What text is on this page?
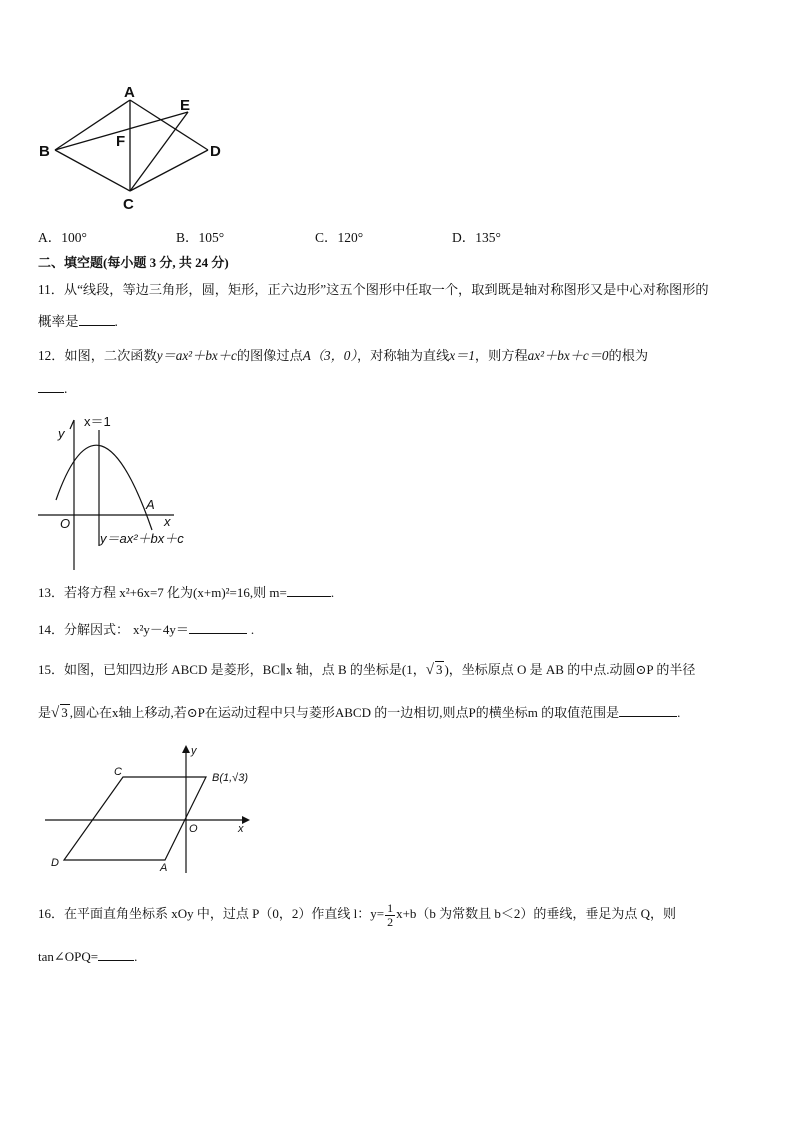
A
B
C
D
E
F
A．100°	B．105°	C．120°	D．135°
二、填空题(每小题 3 分, 共 24 分)
11．从“线段，等边三角形，圆，矩形，正六边形”这五个图形中任取一个，取到既是轴对称图形又是中心对称图形的
概率是	.
12．如图，二次函数y＝ax²＋bx＋c的图像过点A（3，0），对称轴为直线x＝1，则方程ax²＋bx＋c＝0的根为
.
x＝1
y
O
A
x
y＝ax²＋bx＋c
13．若将方程 x²+6x=7 化为(x+m)²=16,则 m=	.
14．分解因式： x²y－4y＝	.
15．如图，已知四边形 ABCD 是菱形，BC∥x 轴，点 B 的坐标是(1，√ 3 )，坐标原点 O 是 AB 的中点.动圆⊙P 的半径
是√ 3 ,圆心在x轴上移动,若⊙P在运动过程中只与菱形ABCD 的一边相切,则点P的横坐标m 的取值范围是	.
C	B(1,√3)
O	x
y
D	A
16．在平面直角坐标系 xOy 中，过点 P（0，2）作直线 l：$y= \frac{1}{2} x+b(b$ 为常数且 b＜2）的垂线，垂足为点 Q，则
tan∠OPQ=	.
